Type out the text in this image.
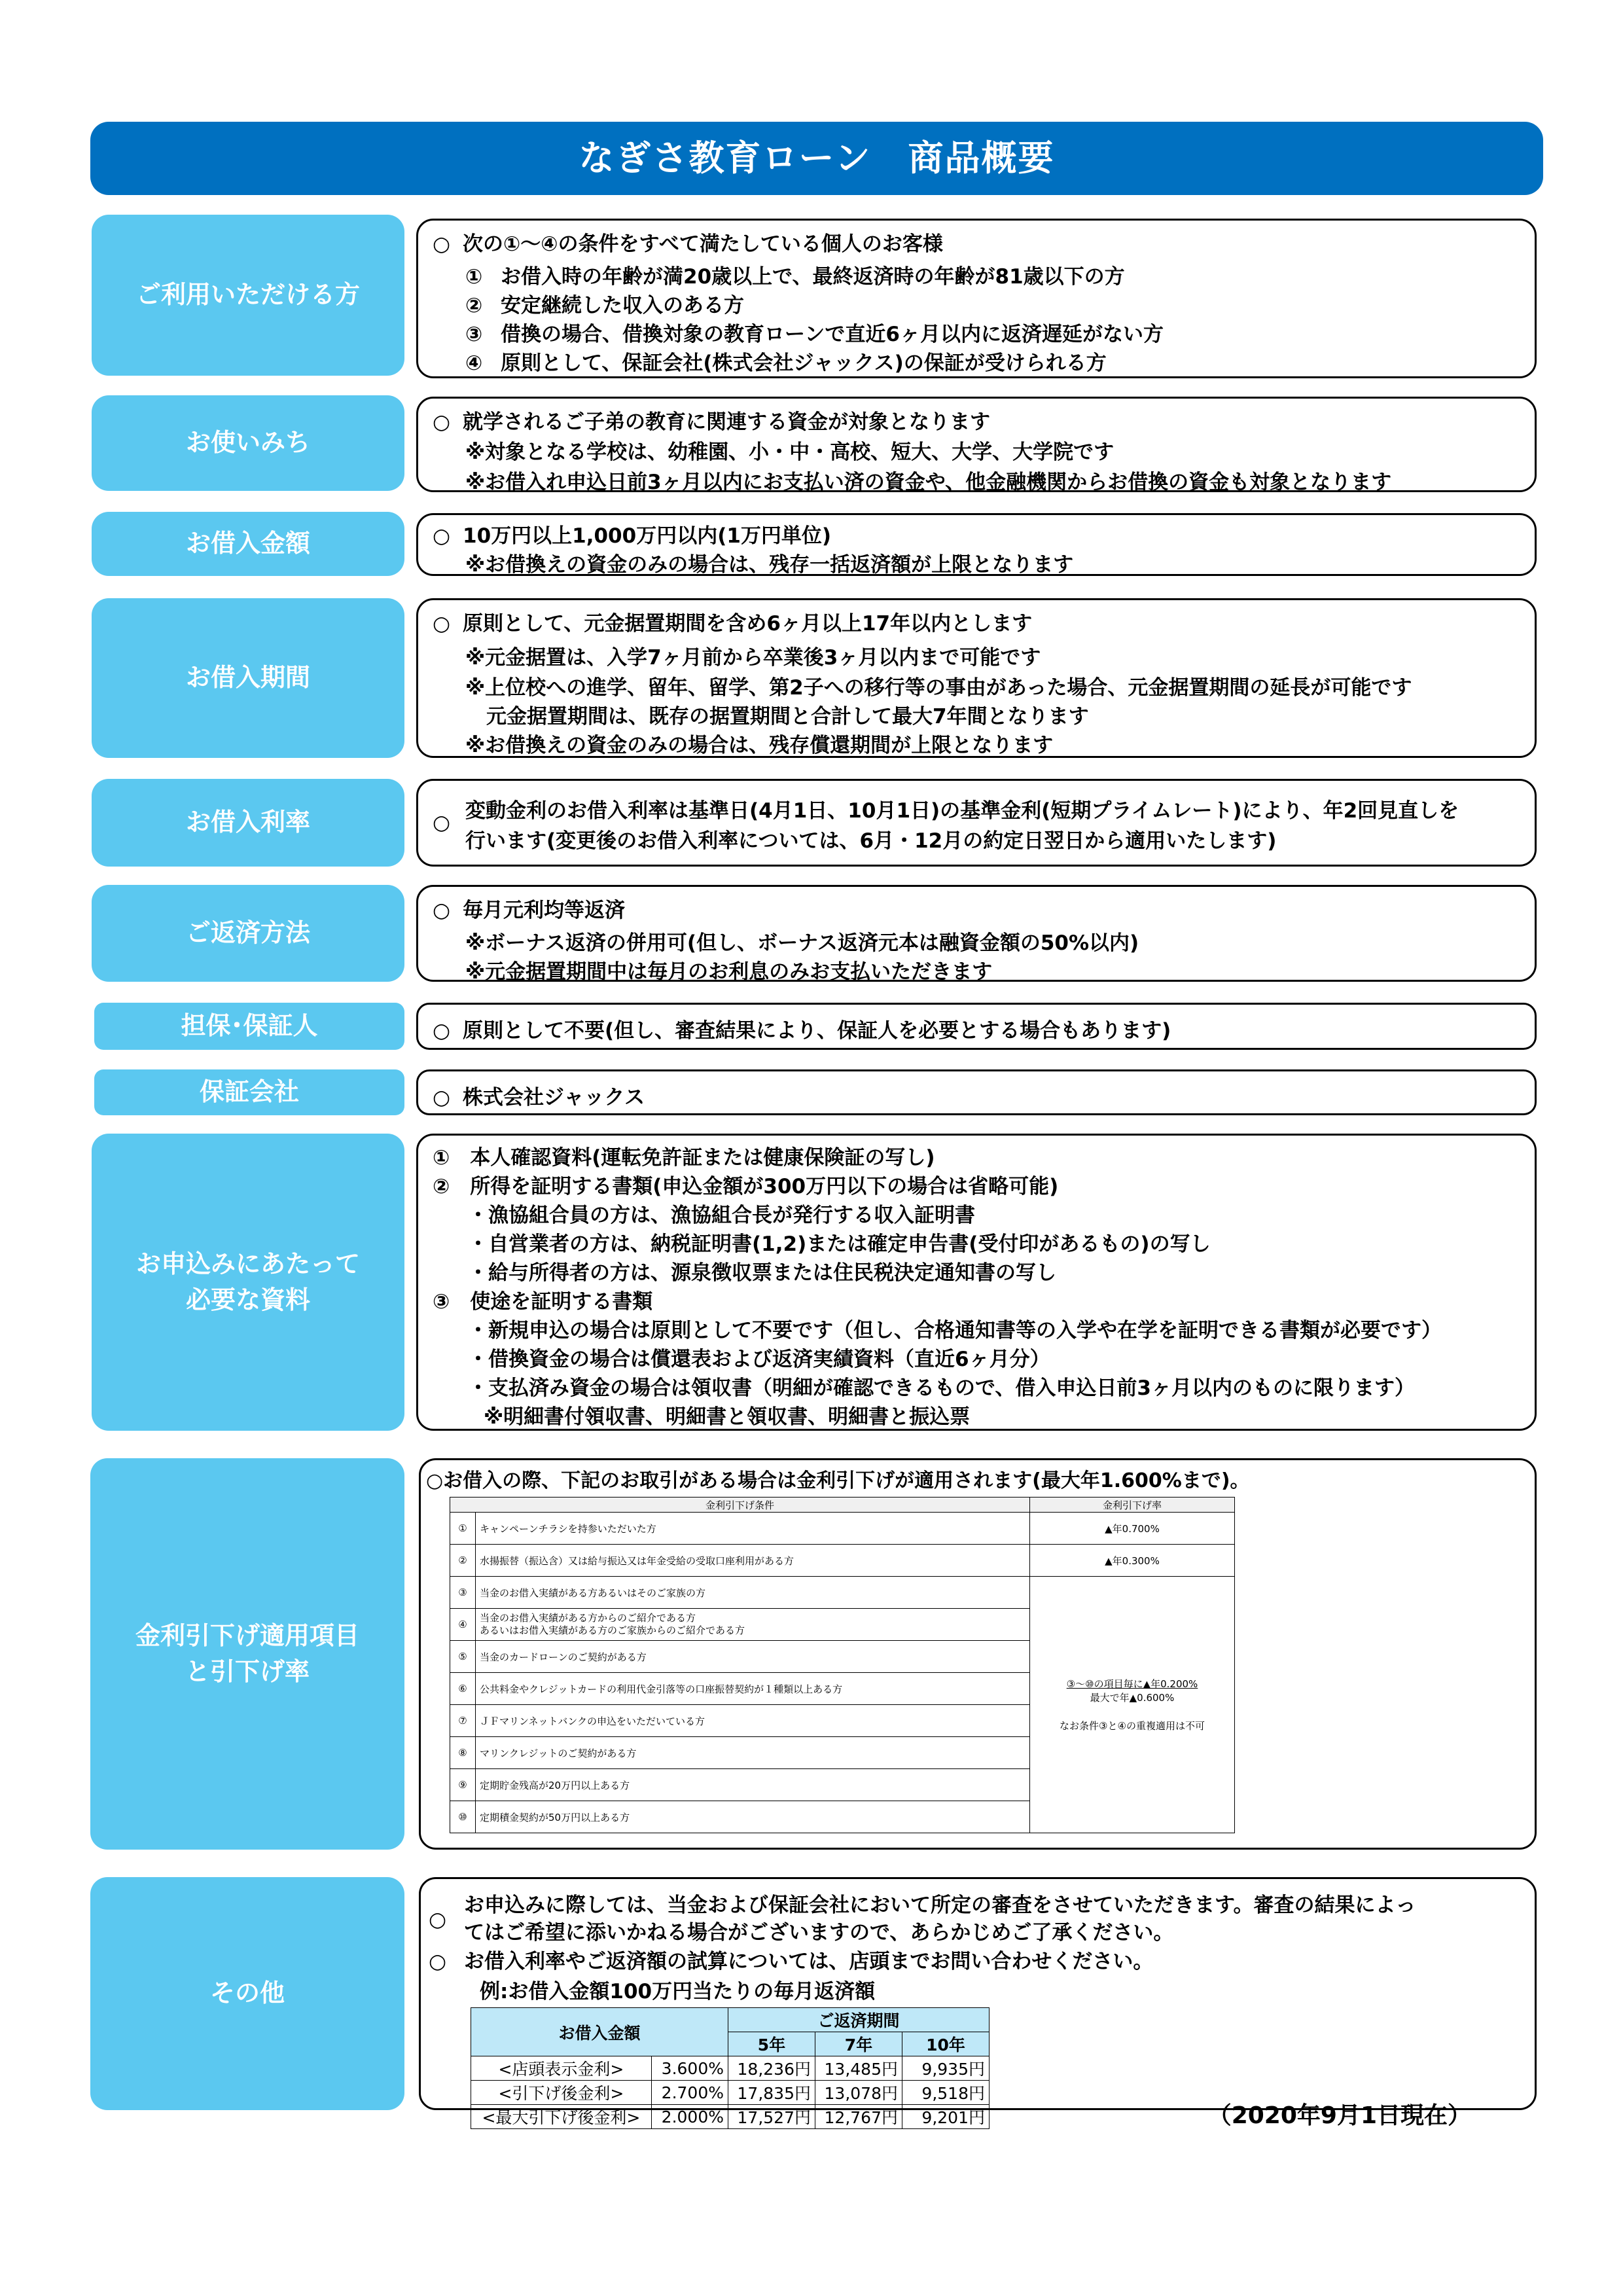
なぎさ教育ローン　商品概要
ご利用いただける方
○ 次の①～④の条件をすべて満たしている個人のお客様
① お借入時の年齢が満20歳以上で、最終返済時の年齢が81歳以下の方
② 安定継続した収入のある方
③ 借換の場合、借換対象の教育ローンで直近6ヶ月以内に返済遅延がない方
④ 原則として、保証会社(株式会社ジャックス)の保証が受けられる方
お使いみち
○ 就学されるご子弟の教育に関連する資金が対象となります
※対象となる学校は、幼稚園、小・中・高校、短大、大学、大学院です
※お借入れ申込日前3ヶ月以内にお支払い済の資金や、他金融機関からお借換の資金も対象となります
お借入金額	○ 10万円以上1,000万円以内(1万円単位)
※お借換えの資金のみの場合は、残存一括返済額が上限となります
お借入期間
○ 原則として、元金据置期間を含め6ヶ月以上17年以内とします
※元金据置は、入学7ヶ月前から卒業後3ヶ月以内まで可能です
※上位校への進学、留年、留学、第2子への移行等の事由があった場合、元金据置期間の延長が可能です
元金据置期間は、既存の据置期間と合計して最大7年間となります
※お借換えの資金のみの場合は、残存償還期間が上限となります
お借入利率	○ 変動金利のお借入利率は基準日(4月1日、10月1日)の基準金利(短期プライムレート)により、年2回見直しを
行います(変更後のお借入利率については、6月・12月の約定日翌日から適用いたします)
ご返済方法
○ 毎月元利均等返済
※ボーナス返済の併用可(但し、ボーナス返済元本は融資金額の50%以内)
※元金据置期間中は毎月のお利息のみお支払いただきます
担保･保証人	○ 原則として不要(但し、審査結果により、保証人を必要とする場合もあります)
保証会社	○ 株式会社ジャックス
お申込みにあたって
必要な資料
①　本人確認資料(運転免許証または健康保険証の写し)
②　所得を証明する書類(申込金額が300万円以下の場合は省略可能)
・漁協組合員の方は、漁協組合長が発行する収入証明書
・自営業者の方は、納税証明書(1,2)または確定申告書(受付印があるもの)の写し
・給与所得者の方は、源泉徴収票または住民税決定通知書の写し
③　使途を証明する書類
・新規申込の場合は原則として不要です（但し、合格通知書等の入学や在学を証明できる書類が必要です）
・借換資金の場合は償還表および返済実績資料（直近6ヶ月分）
・支払済み資金の場合は領収書（明細が確認できるもので、借入申込日前3ヶ月以内のものに限ります）
※明細書付領収書、明細書と領収書、明細書と振込票
金利引下げ適用項目
と引下げ率
○お借入の際、下記のお取引がある場合は金利引下げが適用されます(最大年1.600%まで)。
金利引下げ条件		金利引下げ率
①	キャンペーンチラシを持参いただいた方	▲年0.700%
②	水揚振替（振込含）又は給与振込又は年金受給の受取口座利用がある方	▲年0.300%
③	当金のお借入実績がある方あるいはそのご家族の方	③～⑩の項目毎に▲年0.200%
最大で年▲0.600%
なお条件③と④の重複適用は不可

④	当金のお借入実績がある方からのご紹介である方
あるいはお借入実績がある方のご家族からのご紹介である方	
⑤	当金のカードローンのご契約がある方	
⑥	公共料金やクレジットカードの利用代金引落等の口座振替契約が１種類以上ある方	
⑦	ＪＦマリンネットバンクの申込をいただいている方	
⑧	マリンクレジットのご契約がある方	
⑨	定期貯金残高が20万円以上ある方	
⑩	定期積金契約が50万円以上ある方	
その他
○
お申込みに際しては、当金および保証会社において所定の審査をさせていただきます。審査の結果によっ
てはご希望に添いかねる場合がございますので、あらかじめご了承ください。
○ お借入利率やご返済額の試算については、店頭までお問い合わせください。
例:お借入金額100万円当たりの毎月返済額
お借入金額		ご返済期間		
		5年	7年	10年
<店頭表示金利>	3.600%	18,236円	13,485円	9,935円
<引下げ後金利>	2.700%	17,835円	13,078円	9,518円
<最大引下げ後金利>	2.000%	17,527円	12,767円	9,201円	（2020年9月1日現在）
